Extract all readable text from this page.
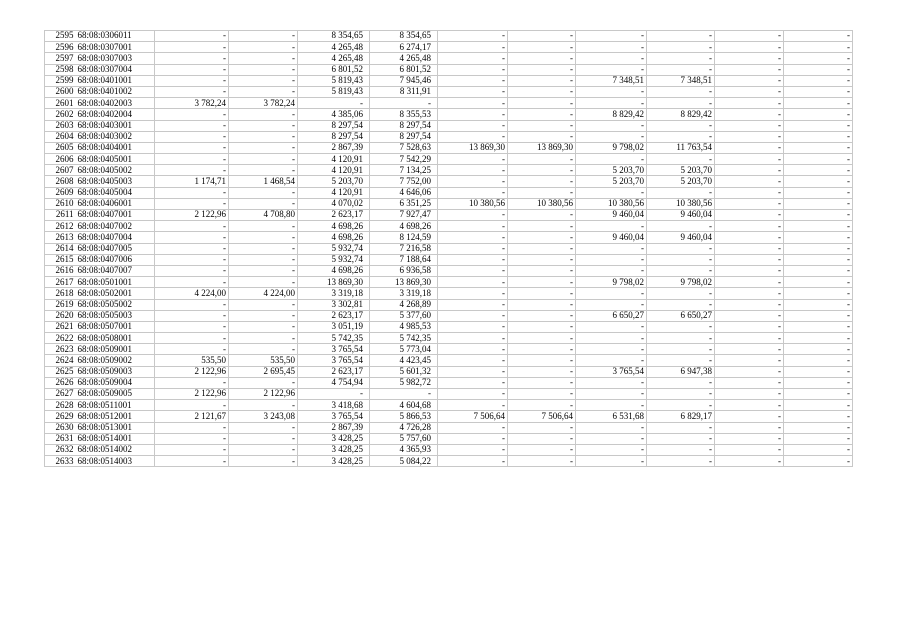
2595	68:08:0306011	-	-	8 354,65	8 354,65	-	-	-	-	-	-
2596	68:08:0307001	-	-	4 265,48	6 274,17	-	-	-	-	-	-
2597	68:08:0307003	-	-	4 265,48	4 265,48	-	-	-	-	-	-
2598	68:08:0307004	-	-	6 801,52	6 801,52	-	-	-	-	-	-
2599	68:08:0401001	-	-	5 819,43	7 945,46	-	-	7 348,51	7 348,51	-	-
2600	68:08:0401002	-	-	5 819,43	8 311,91	-	-	-	-	-	-
2601	68:08:0402003	3 782,24	3 782,24	-	-	-	-	-	-	-	-
2602	68:08:0402004	-	-	4 385,06	8 355,53	-	-	8 829,42	8 829,42	-	-
2603	68:08:0403001	-	-	8 297,54	8 297,54	-	-	-	-	-	-
2604	68:08:0403002	-	-	8 297,54	8 297,54	-	-	-	-	-	-
2605	68:08:0404001	-	-	2 867,39	7 528,63	13 869,30	13 869,30	9 798,02	11 763,54	-	-
2606	68:08:0405001	-	-	4 120,91	7 542,29	-	-	-	-	-	-
2607	68:08:0405002	-	-	4 120,91	7 134,25	-	-	5 203,70	5 203,70	-	-
2608	68:08:0405003	1 174,71	1 468,54	5 203,70	7 752,00	-	-	5 203,70	5 203,70	-	-
2609	68:08:0405004	-	-	4 120,91	4 646,06	-	-	-	-	-	-
2610	68:08:0406001	-	-	4 070,02	6 351,25	10 380,56	10 380,56	10 380,56	10 380,56	-	-
2611	68:08:0407001	2 122,96	4 708,80	2 623,17	7 927,47	-	-	9 460,04	9 460,04	-	-
2612	68:08:0407002	-	-	4 698,26	4 698,26	-	-	-	-	-	-
2613	68:08:0407004	-	-	4 698,26	8 124,59	-	-	9 460,04	9 460,04	-	-
2614	68:08:0407005	-	-	5 932,74	7 216,58	-	-	-	-	-	-
2615	68:08:0407006	-	-	5 932,74	7 188,64	-	-	-	-	-	-
2616	68:08:0407007	-	-	4 698,26	6 936,58	-	-	-	-	-	-
2617	68:08:0501001	-	-	13 869,30	13 869,30	-	-	9 798,02	9 798,02	-	-
2618	68:08:0502001	4 224,00	4 224,00	3 319,18	3 319,18	-	-	-	-	-	-
2619	68:08:0505002	-	-	3 302,81	4 268,89	-	-	-	-	-	-
2620	68:08:0505003	-	-	2 623,17	5 377,60	-	-	6 650,27	6 650,27	-	-
2621	68:08:0507001	-	-	3 051,19	4 985,53	-	-	-	-	-	-
2622	68:08:0508001	-	-	5 742,35	5 742,35	-	-	-	-	-	-
2623	68:08:0509001	-	-	3 765,54	5 773,04	-	-	-	-	-	-
2624	68:08:0509002	535,50	535,50	3 765,54	4 423,45	-	-	-	-	-	-
2625	68:08:0509003	2 122,96	2 695,45	2 623,17	5 601,32	-	-	3 765,54	6 947,38	-	-
2626	68:08:0509004	-	-	4 754,94	5 982,72	-	-	-	-	-	-
2627	68:08:0509005	2 122,96	2 122,96	-	-	-	-	-	-	-	-
2628	68:08:0511001	-	-	3 418,68	4 604,68	-	-	-	-	-	-
2629	68:08:0512001	2 121,67	3 243,08	3 765,54	5 866,53	7 506,64	7 506,64	6 531,68	6 829,17	-	-
2630	68:08:0513001	-	-	2 867,39	4 726,28	-	-	-	-	-	-
2631	68:08:0514001	-	-	3 428,25	5 757,60	-	-	-	-	-	-
2632	68:08:0514002	-	-	3 428,25	4 365,93	-	-	-	-	-	-
2633	68:08:0514003	-	-	3 428,25	5 084,22	-	-	-	-	-	-
